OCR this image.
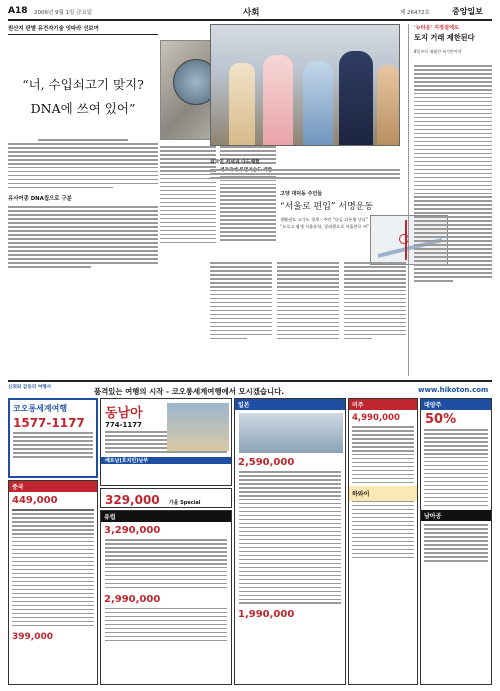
A18 2006년 9월 1일 금요일	사회	제 26472호	중앙일보
원산지 판별 유전자기술 잇따라 선보여
“너, 수입쇠고기 맞지?
DNA에 쓰여 있어”
유사여종 DNA칩으로 구분
외국인 저녁과 다도체험
고양 대덕동 주민들
“서울로 편입” 서명운동
생활권도 고가도 경계 - 주민 “다들 뒤통령 난다”
“도로고 쉽게 서울통학, 경외행으로 서울편으 씨”
'뉴타운' 지정걸에도
토지 거래 제한된다
8일부터 재래전 허가받아야
신뢰와 감동의 여행사	품격있는 여행의 시작 - 코오롱세계여행에서 모시겠습니다.	www.hikoton.com
코오롱세계여행
1577-1177
중국
449,000
399,000
동남아
774-1177
베트남(호치민)남부
329,000 가을 Special
유럽
3,290,000
2,990,000
일본
2,590,000
1,990,000
미주
4,990,000
하와이
대양주
50%
남아공
